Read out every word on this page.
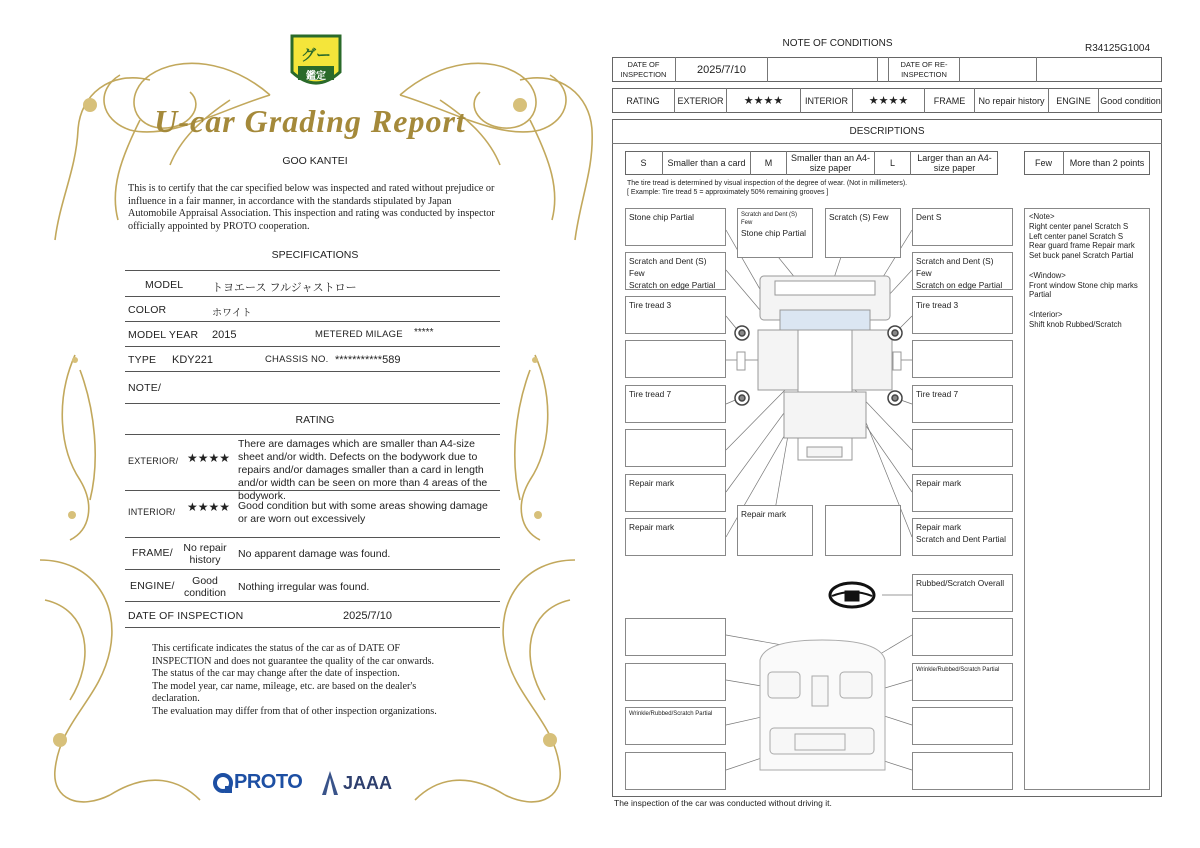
グー
鑑定
U-car Grading Report
GOO KANTEI
This is to certify that the car specified below was inspected and rated without prejudice or influence in a fair manner, in accordance with the standards stipulated by Japan Automobile Appraisal Association. This inspection and rating was conducted by inspector officially appointed by PROTO cooperation.
SPECIFICATIONS
MODEL	トヨエース フルジャストロー
COLOR	ホワイト
MODEL YEAR 2015	METERED MILAGE *****
TYPE KDY221	CHASSIS NO. ***********589
NOTE/
RATING
EXTERIOR/ ★★★★
There are damages which are smaller than A4-size sheet and/or width. Defects on the bodywork due to repairs and/or damages smaller than a card in length and/or width can be seen on more than 4 areas of the bodywork.
INTERIOR/ ★★★★ Good condition but with some areas showing damage or are worn out excessively
FRAME/	No repair history	No apparent damage was found.
ENGINE/	Good condition	Nothing irregular was found.
DATE OF INSPECTION	2025/7/10
This certificate indicates the status of the car as of DATE OF
INSPECTION and does not guarantee the quality of the car onwards.
The status of the car may change after the date of inspection.
The model year, car name, mileage, etc. are based on the dealer's
declaration.
The evaluation may differ from that of other inspection organizations.
PROTO JAAA
NOTE OF CONDITIONS	R34125G1004
DATE OF INSPECTION	2025/7/10	DATE OF RE-INSPECTION
RATING	EXTERIOR	★★★★	INTERIOR	★★★★	FRAME	No repair history	ENGINE	Good condition
DESCRIPTIONS
S	Smaller than a card	M	Smaller than an A4-size paper	L	Larger than an A4-size paper	Few	More than 2 points
The tire tread is determined by visual inspection of the degree of wear. (Not in millimeters).
[ Example: Tire tread 5 = approximately 50% remaining grooves ]
Stone chip Partial
Scratch and Dent (S) Few
Scratch on edge Partial
Tire tread 3
Tire tread 7
Repair mark
Repair mark
Wrinkle/Rubbed/Scratch Partial
Scratch and Dent (S) Few
Stone chip Partial
Scratch (S) Few
Repair mark
Dent S
Scratch and Dent (S) Few
Scratch on edge Partial
Tire tread 3
Tire tread 7
Repair mark
Repair mark
Scratch and Dent Partial
Rubbed/Scratch Overall
Wrinkle/Rubbed/Scratch Partial
<Note>
Right center panel Scratch S
Left center panel Scratch S
Rear guard frame Repair mark
Set buck panel Scratch Partial
<Window>
Front window Stone chip marks
Partial
<Interior>
Shift knob Rubbed/Scratch
The inspection of the car was conducted without driving it.
